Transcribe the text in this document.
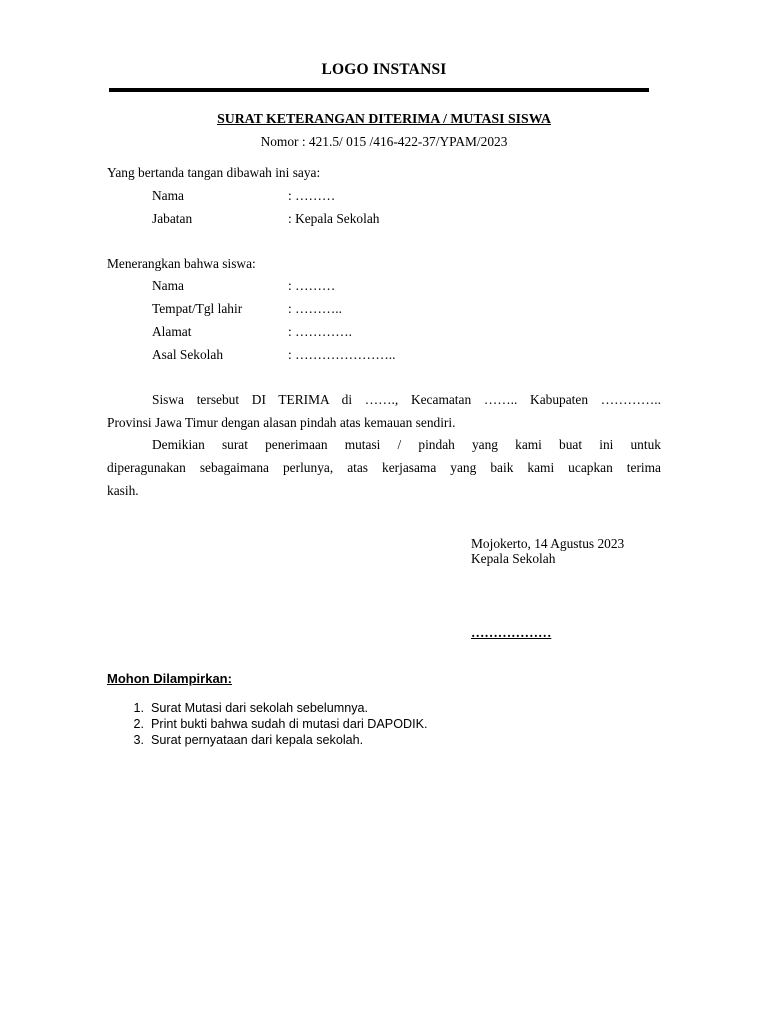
LOGO INSTANSI
SURAT KETERANGAN DITERIMA / MUTASI SISWA
Nomor : 421.5/ 015 /416-422-37/YPAM/2023
Yang bertanda tangan dibawah ini saya:
Nama	: ………
Jabatan	: Kepala Sekolah
Menerangkan bahwa siswa:
Nama	: ………
Tempat/Tgl lahir	: ………..
Alamat	: ………….
Asal Sekolah	: …………………..
Siswa tersebut DI TERIMA di ……., Kecamatan …….. Kabupaten …………..
Provinsi Jawa Timur dengan alasan pindah atas kemauan sendiri.
Demikian surat penerimaan mutasi / pindah yang kami buat ini untuk
diperagunakan sebagaimana perlunya, atas kerjasama yang baik kami ucapkan terima
kasih.
Mojokerto, 14 Agustus 2023
Kepala Sekolah
………………
Mohon Dilampirkan:
1. Surat Mutasi dari sekolah sebelumnya.
2. Print bukti bahwa sudah di mutasi dari DAPODIK.
3. Surat pernyataan dari kepala sekolah.
